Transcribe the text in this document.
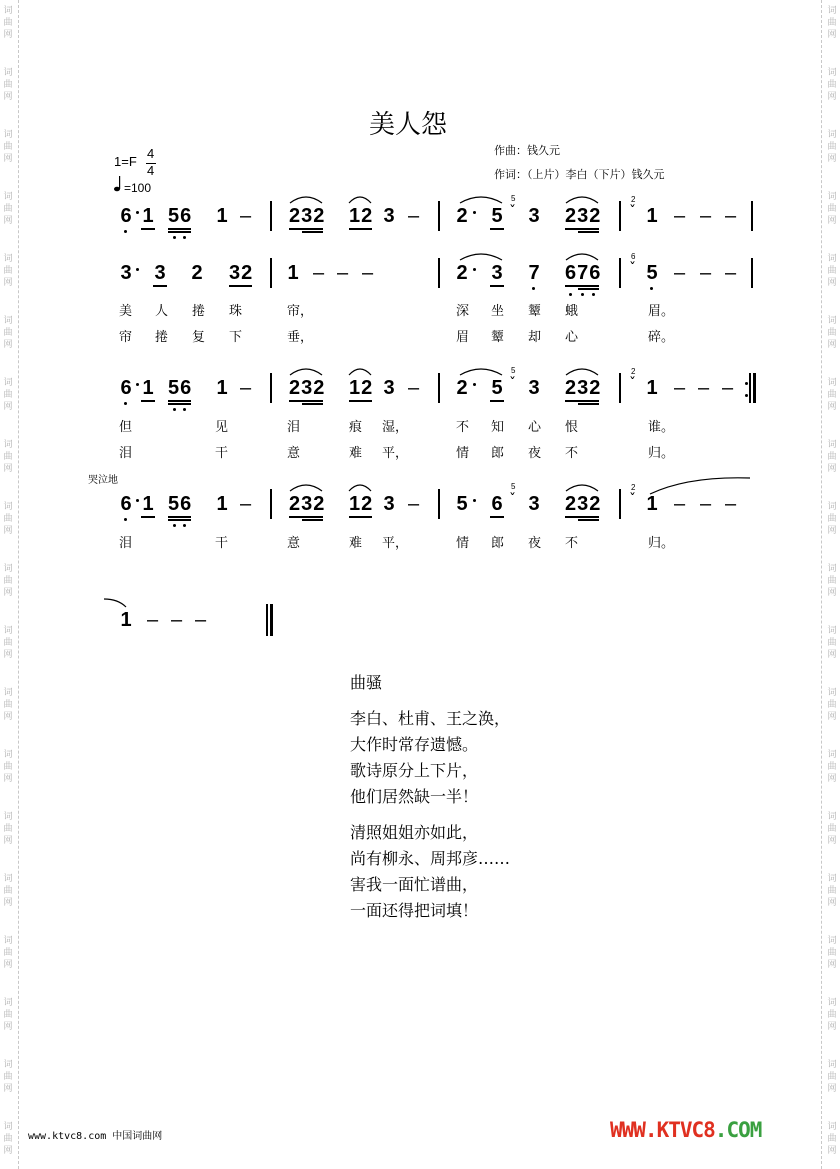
词
曲
网
词
曲
网
词
曲
网
词
曲
网
词
曲
网
词
曲
网
词
曲
网
词
曲
网
词
曲
网
词
曲
网
词
曲
网
词
曲
网
词
曲
网
词
曲
网
词
曲
网
词
曲
网
词
曲
网
词
曲
网
词
曲
网
词
曲
网
词
曲
网
词
曲
网
词
曲
网
词
曲
网
词
曲
网
词
曲
网
词
曲
网
词
曲
网
词
曲
网
词
曲
网
词
曲
网
词
曲
网
词
曲
网
词
曲
网
词
曲
网
词
曲
网
词
曲
网
词
曲
网
美人怨
作曲：钱久元
作词：（上片）李白（下片）钱久元
1=F
4
4
=100
6 1 56 1 – 232 12 3 – 2 5
5
ˇ 3 232
2
ˇ 1 – – –
3 3 2 32 1 – – –	2 3 7 676
6
ˇ 5 – – –
美 人 捲 珠	帘，	深 坐 颦 蛾	眉。
帘 捲 复 下	垂，	眉 颦 却 心	碎。
6 1 56 1 – 232 12 3 – 2 5
5
ˇ 3 232
2
ˇ 1 – – –
但	见	泪	痕 湿，	不 知 心 恨	谁。
泪	干	意	难 平，	情 郎 夜 不	归。
哭泣地
6 1 56 1 – 232 12 3 – 5 6
5
ˇ 3 232
2
ˇ 1 – – –
泪	干	意	难 平，	情 郎 夜 不	归。
1 – – –
曲骚
李白、杜甫、王之涣，
大作时常存遗憾。
歌诗原分上下片，
他们居然缺一半！
清照姐姐亦如此，
尚有柳永、周邦彦……
害我一面忙谱曲，
一面还得把词填！
www.ktvc8.com 中国词曲网	WWW.KTVC8.COM
